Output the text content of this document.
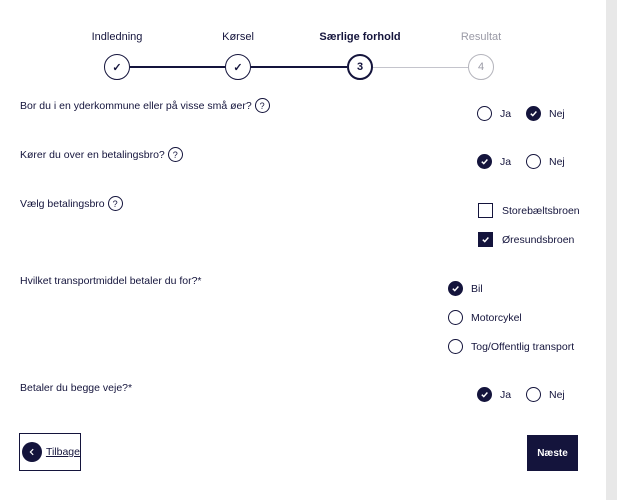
Indledning	Kørsel	Særlige forhold	Resultat
✓	✓	3	4
Bor du i en yderkommune eller på visse små øer? ?
Ja	Nej
Kører du over en betalingsbro? ?
Ja	Nej
Vælg betalingsbro ?
Storebæltsbroen
Øresundsbroen
Hvilket transportmiddel betaler du for?*
Bil
Motorcykel
Tog/Offentlig transport
Betaler du begge veje?*
Ja	Nej
Tilbage	Næste
